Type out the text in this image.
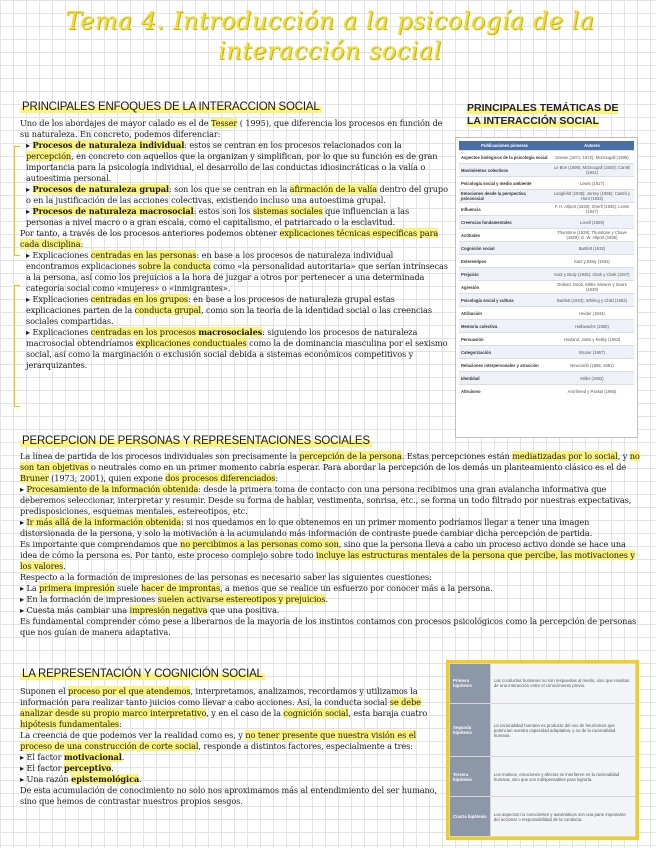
Tema 4. Introducción a la psicología de la interacción social
PRINCIPALES ENFOQUES DE LA INTERACCION SOCIAL

Uno de los abordajes de mayor calado es el de Tesser ( 1995), que diferencia los procesos en función de su naturaleza. En concreto, podemos diferenciar:

▸ Procesos de naturaleza individual: estos se centran en los procesos relacionados con la percepción, en concreto con aquellos que la organizan y simplifican, por lo que su función es de gran importancia para la psicología individual, el desarrollo de las conductas idiosincráticas o la valía o autoestima personal.

▸ Procesos de naturaleza grupal: son los que se centran en la afirmación de la valía dentro del grupo o en la justificación de las acciones colectivas, existiendo incluso una autoestima grupal.

▸ Procesos de naturaleza macrosocial: estos son los sistemas sociales que influencian a las personas a nivel macro o a gran escala, como el capitalismo, el patriarcado o la esclavitud.

Por tanto, a través de los procesos anteriores podemos obtener explicaciones técnicas específicas para cada disciplina:

▸ Explicaciones centradas en las personas: en base a los procesos de naturaleza individual encontramos explicaciones sobre la conducta como «la personalidad autoritaria» que serían intrínsecas a la persona, así como los prejuicios a la hora de juzgar a otros por pertenecer a una determinada categoría social como «mujeres» o «inmigrantes».

▸ Explicaciones centradas en los grupos: en base a los procesos de naturaleza grupal estas explicaciones parten de la conducta grupal, como son la teoría de la identidad social o las creencias sociales compartidas.

▸ Explicaciones centradas en los procesos macrosociales: siguiendo los procesos de naturaleza macrosocial obtendríamos explicaciones conductuales como la de dominancia masculina por el sexismo social, así como la marginación o exclusión social debida a sistemas económicos competitivos y jerarquizantes.

PRINCIPALES TEMÁTICAS DE
LA INTERACCIÓN SOCIAL
Publicaciones pioneras	Autores
Aspectos biológicos de la psicología social	Darwin (1871; 1872); McDougall (1908)
Movimientos colectivos	Le Bon (1895); McDougall (1920); Cantril (1941)
Psicología social y medio ambiente	Lewin (1917)
Emociones desde la perspectiva psicosocial	Langfeldt (1938); Jersey (1935); Cantril y Hunt (1932)
Influencia	F. H. Allport (1920); Sherif (1936); Lewin (1947)
Creencias fundamentales	Lovell (1929)
Actitudes	Thurstone (1928); Thurstone y Chave (1929); G. W. Allport (1935)
Cognición social	Bartlett (1932)
Estereotipos	Katz y Braly (1933)
Prejuicio	Katz y Braly (1935); Clark y Clark (1947)
Agresión	Dollard, Doob, Miller, Mowrer y Sears (1939)
Psicología social y cultura	Bartlett (1923); Whiting y Child (1953)
Atribución	Heider (1944)
Memoria colectiva	Halbwachs (1950)
Persuasión	Hovland, Janis y Kelley (1953)
Categorización	Bruner (1957)
Relaciones interpersonales y atracción	Newcomb (1956; 1961)
Identidad	Miller (1963)
Altruismo	Aronfreed y Paskal (1965)
PERCEPCION DE PERSONAS Y REPRESENTACIONES SOCIALES

La línea de partida de los procesos individuales son precisamente la percepción de la persona. Estas percepciones están mediatizadas por lo social, y no son tan objetivas o neutrales como en un primer momento cabría esperar. Para abordar la percepción de los demás un planteamiento clásico es el de Bruner (1973; 2001), quien expone dos procesos diferenciados:

▸ Procesamiento de la información obtenida: desde la primera toma de contacto con una persona recibimos una gran avalancha informativa que deberemos seleccionar, interpretar y resumir. Desde su forma de hablar, vestimenta, sonrisa, etc., se forma un todo filtrado por nuestras expectativas, predisposiciones, esquemas mentales, estereotipos, etc.

▸ Ir más allá de la información obtenida: si nos quedamos en lo que obtenemos en un primer momento podríamos llegar a tener una imagen distorsionada de la persona, y solo la motivación a la acumulando más información de contraste puede cambiar dicha percepción de partida.

Es importante que comprendamos que no percibimos a las personas como son, sino que la persona lleva a cabo un proceso activo donde se hace una idea de cómo la persona es. Por tanto, este proceso complejo sobre todo incluye las estructuras mentales de la persona que percibe, las motivaciones y los valores.

Respecto a la formación de impresiones de las personas es necesario saber las siguientes cuestiones:

▸ La primera impresión suele hacer de improntas, a menos que se realice un esfuerzo por conocer más a la persona.

▸ En la formación de impresiones suelen activarse estereotipos y prejuicios.

▸ Cuesta más cambiar una impresión negativa que una positiva.

Es fundamental comprender cómo pese a liberarnos de la mayoría de los instintos contamos con procesos psicológicos como la percepción de personas que nos guían de manera adaptativa.

LA REPRESENTACIÓN Y COGNICIÓN SOCIAL

Suponen el proceso por el que atendemos, interpretamos, analizamos, recordamos y utilizamos la información para realizar tanto juicios como llevar a cabo acciones. Así, la conducta social se debe analizar desde su propio marco interpretativo, y en el caso de la cognición social, esta baraja cuatro hipótesis fundamentales:

La creencia de que podemos ver la realidad como es, y no tener presente que nuestra visión es el proceso de una construcción de corte social, responde a distintos factores, especialmente a tres:

▸ El factor motivacional.

▸ El factor perceptivo.

▸ Una razón epistemológica.

De esta acumulación de conocimiento no solo nos aproximamos más al entendimiento del ser humano, sino que hemos de contrastar nuestros propios sesgos.

Primera hipótesis	Las conductas humanas no son respuestas al medio, sino que resultan de una interacción entre el conocimiento previo.
Segunda hipótesis	La racionalidad humana es producto del uso de heurísticos que potencian nuestra capacidad adaptativa, y no de la racionalidad humana.
Tercera hipótesis	Los motivos, emociones y afectos se interfieren en la racionalidad humana, sino que son indispensables para lograrla.
Cuarta hipótesis	Los aspectos no conscientes y automáticos son una parte importante del accionar o responsabilidad de la conducta.
